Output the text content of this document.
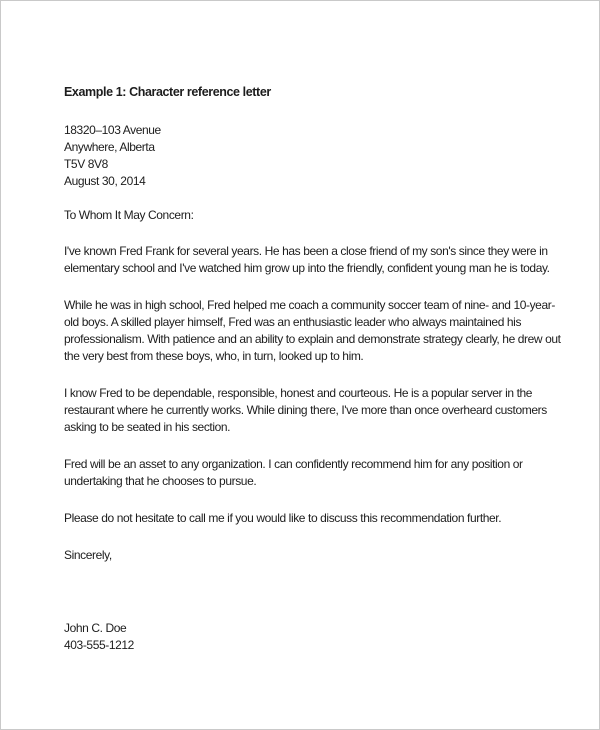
Example 1: Character reference letter
18320–103 Avenue
Anywhere, Alberta
T5V 8V8
August 30, 2014
To Whom It May Concern:

I've known Fred Frank for several years. He has been a close friend of my son's since they were in elementary school and I've watched him grow up into the friendly, confident young man he is today.

While he was in high school, Fred helped me coach a community soccer team of nine- and 10-year-old boys. A skilled player himself, Fred was an enthusiastic leader who always maintained his professionalism. With patience and an ability to explain and demonstrate strategy clearly, he drew out the very best from these boys, who, in turn, looked up to him.

I know Fred to be dependable, responsible, honest and courteous. He is a popular server in the restaurant where he currently works. While dining there, I've more than once overheard customers asking to be seated in his section.

Fred will be an asset to any organization. I can confidently recommend him for any position or undertaking that he chooses to pursue.

Please do not hesitate to call me if you would like to discuss this recommendation further.

Sincerely,
John C. Doe
403-555-1212
